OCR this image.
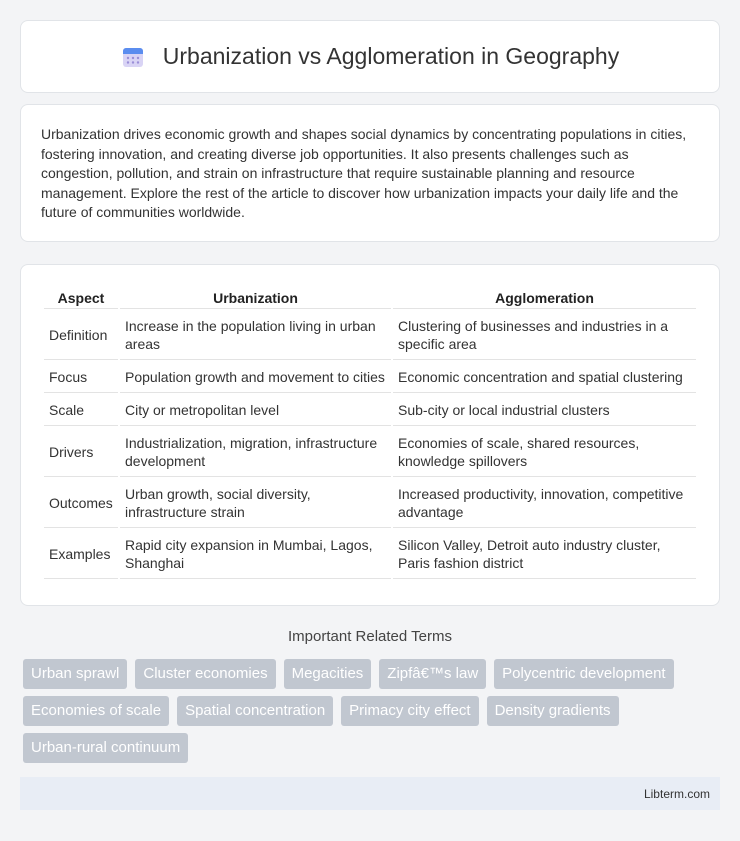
Urbanization vs Agglomeration in Geography

Urbanization drives economic growth and shapes social dynamics by concentrating populations in cities, fostering innovation, and creating diverse job opportunities. It also presents challenges such as congestion, pollution, and strain on infrastructure that require sustainable planning and resource management. Explore the rest of the article to discover how urbanization impacts your daily life and the future of communities worldwide.

Aspect	Urbanization	Agglomeration
Definition	Increase in the population living in urban areas	Clustering of businesses and industries in a specific area
Focus	Population growth and movement to cities	Economic concentration and spatial clustering
Scale	City or metropolitan level	Sub-city or local industrial clusters
Drivers	Industrialization, migration, infrastructure development	Economies of scale, shared resources, knowledge spillovers
Outcomes	Urban growth, social diversity, infrastructure strain	Increased productivity, innovation, competitive advantage
Examples	Rapid city expansion in Mumbai, Lagos, Shanghai	Silicon Valley, Detroit auto industry cluster, Paris fashion district
Important Related Terms
Urban sprawl	Cluster economies	Megacities	Zipfâ€™s law	Polycentric development
Economies of scale	Spatial concentration	Primacy city effect	Density gradients
Urban-rural continuum
Libterm.com
